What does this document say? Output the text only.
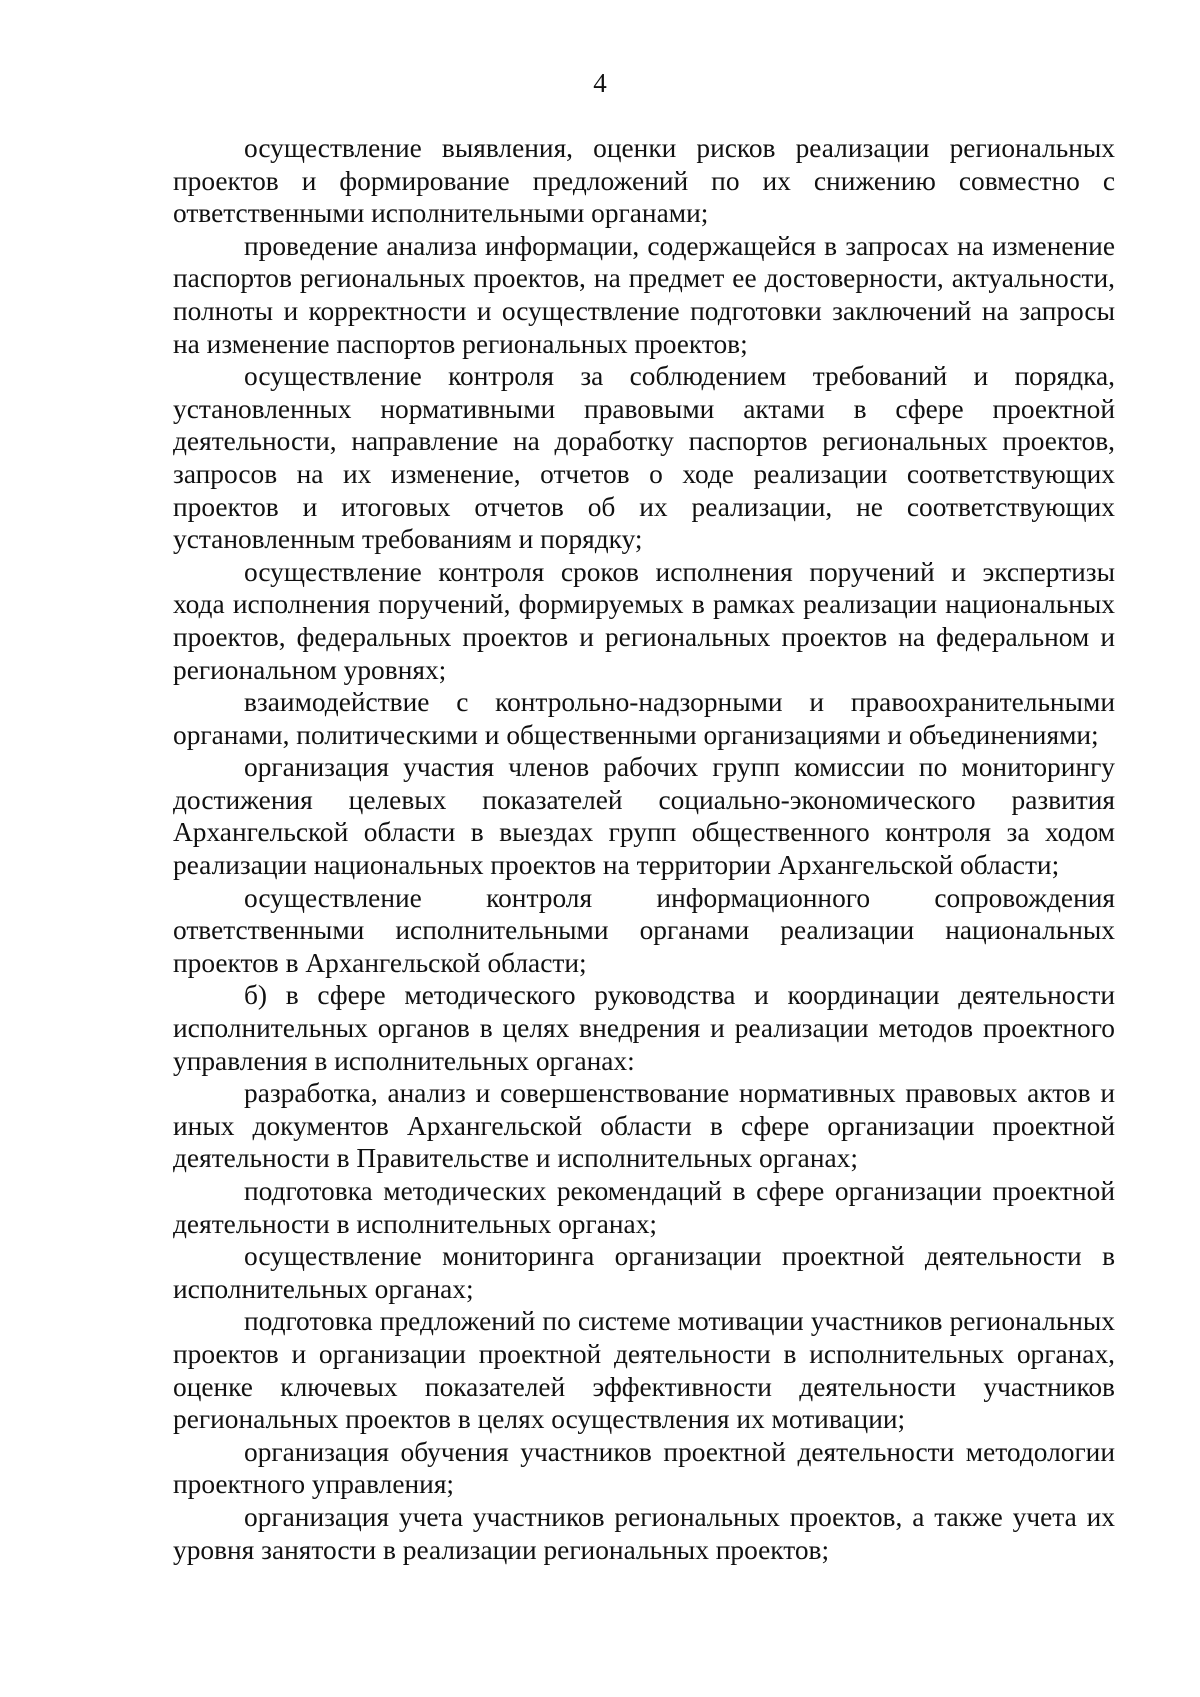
4

осуществление выявления, оценки рисков реализации региональных проектов и формирование предложений по их снижению совместно с ответственными исполнительными органами;

проведение анализа информации, содержащейся в запросах на изменение паспортов региональных проектов, на предмет ее достоверности, актуальности, полноты и корректности и осуществление подготовки заключений на запросы на изменение паспортов региональных проектов;

осуществление контроля за соблюдением требований и порядка, установленных нормативными правовыми актами в сфере проектной деятельности, направление на доработку паспортов региональных проектов, запросов на их изменение, отчетов о ходе реализации соответствующих проектов и итоговых отчетов об их реализации, не соответствующих установленным требованиям и порядку;

осуществление контроля сроков исполнения поручений и экспертизы хода исполнения поручений, формируемых в рамках реализации национальных проектов, федеральных проектов и региональных проектов на федеральном и региональном уровнях;

взаимодействие с контрольно-надзорными и правоохранительными органами, политическими и общественными организациями и объединениями;

организация участия членов рабочих групп комиссии по мониторингу достижения целевых показателей социально-экономического развития Архангельской области в выездах групп общественного контроля за ходом реализации национальных проектов на территории Архангельской области;

осуществление контроля информационного сопровождения ответственными исполнительными органами реализации национальных проектов в Архангельской области;

б) в сфере методического руководства и координации деятельности исполнительных органов в целях внедрения и реализации методов проектного управления в исполнительных органах:

разработка, анализ и совершенствование нормативных правовых актов и иных документов Архангельской области в сфере организации проектной деятельности в Правительстве и исполнительных органах;

подготовка методических рекомендаций в сфере организации проектной деятельности в исполнительных органах;

осуществление мониторинга организации проектной деятельности в исполнительных органах;

подготовка предложений по системе мотивации участников региональных проектов и организации проектной деятельности в исполнительных органах, оценке ключевых показателей эффективности деятельности участников региональных проектов в целях осуществления их мотивации;

организация обучения участников проектной деятельности методологии проектного управления;

организация учета участников региональных проектов, а также учета их уровня занятости в реализации региональных проектов;
